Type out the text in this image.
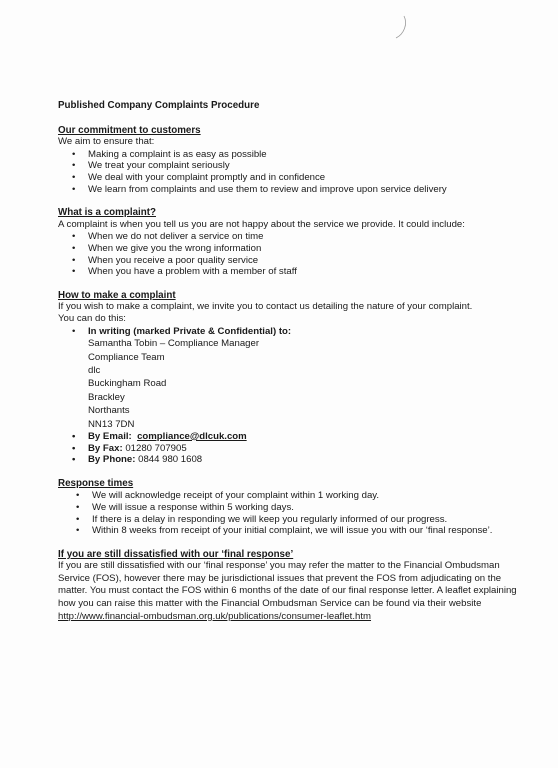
Published Company Complaints Procedure

Our commitment to customers

We aim to ensure that:

• Making a complaint is as easy as possible
• We treat your complaint seriously
• We deal with your complaint promptly and in confidence
• We learn from complaints and use them to review and improve upon service delivery

What is a complaint?

A complaint is when you tell us you are not happy about the service we provide. It could include:

• When we do not deliver a service on time
• When we give you the wrong information
• When you receive a poor quality service
• When you have a problem with a member of staff

How to make a complaint

If you wish to make a complaint, we invite you to contact us detailing the nature of your complaint.

You can do this:

• In writing (marked Private & Confidential) to:
Samantha Tobin – Compliance Manager
Compliance Team
dlc
Buckingham Road
Brackley
Northants
NN13 7DN
• By Email: compliance@dlcuk.com
• By Fax: 01280 707905
• By Phone: 0844 980 1608

Response times

• We will acknowledge receipt of your complaint within 1 working day.
• We will issue a response within 5 working days.
• If there is a delay in responding we will keep you regularly informed of our progress.
• Within 8 weeks from receipt of your initial complaint, we will issue you with our ‘final response’.

If you are still dissatisfied with our ‘final response’

If you are still dissatisfied with our ‘final response’ you may refer the matter to the Financial Ombudsman Service (FOS), however there may be jurisdictional issues that prevent the FOS from adjudicating on the matter. You must contact the FOS within 6 months of the date of our final response letter. A leaflet explaining how you can raise this matter with the Financial Ombudsman Service can be found via their website http://www.financial-ombudsman.org.uk/publications/consumer-leaflet.htm
